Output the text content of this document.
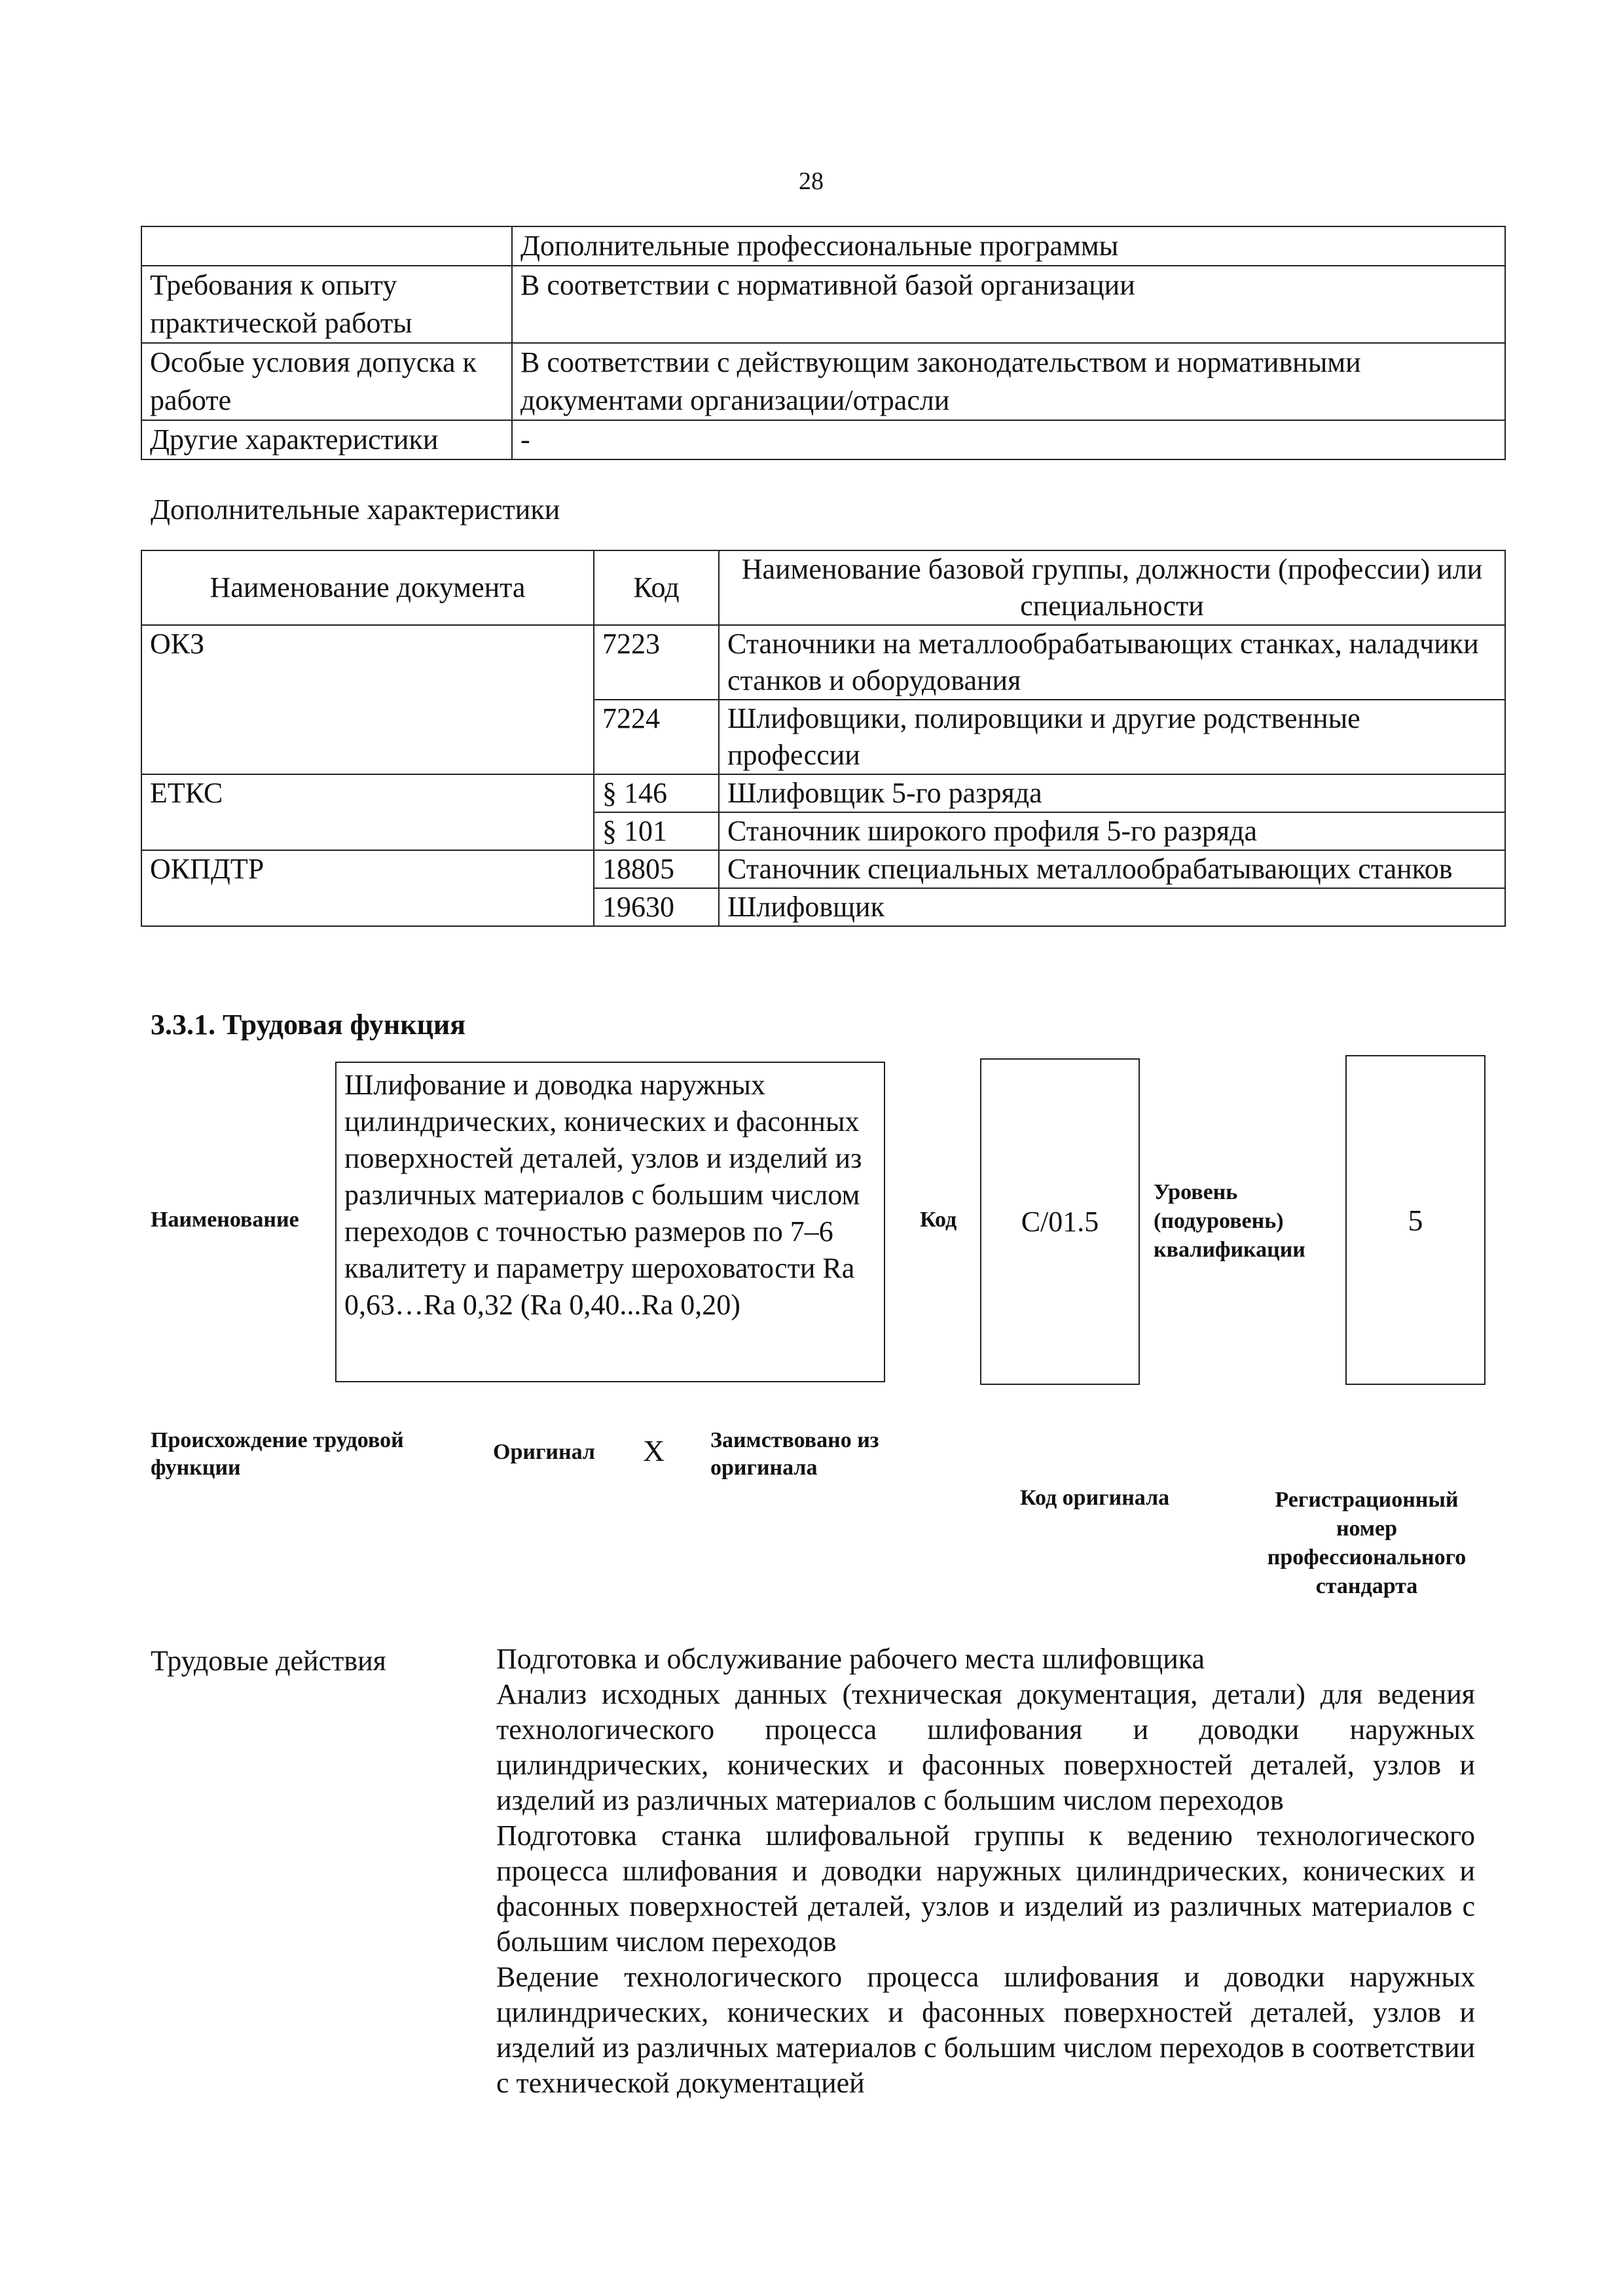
28
	Дополнительные профессиональные программы
Требования к опыту практической работы	В соответствии с нормативной базой организации
Особые условия допуска к работе	В соответствии с действующим законодательством и нормативными документами организации/отрасли
Другие характеристики	-
Дополнительные характеристики
Наименование документа	Код	Наименование базовой группы, должности (профессии) или специальности
ОКЗ	7223	Станочники на металлообрабатывающих станках, наладчики станков и оборудования
	7224	Шлифовщики, полировщики и другие родственные профессии
ЕТКС	§ 146	Шлифовщик 5-го разряда
	§ 101	Станочник широкого профиля 5-го разряда
ОКПДТР	18805	Станочник специальных металлообрабатывающих станков
	19630	Шлифовщик
3.3.1. Трудовая функция
Наименование
Шлифование и доводка наружных цилиндрических, конических и фасонных поверхностей деталей, узлов и изделий из различных материалов с большим числом переходов с точностью размеров по 7–6 квалитету и параметру шероховатости Ra 0,63…Ra 0,32 (Ra 0,40...Ra 0,20)
Код C/01.5
Уровень (подуровень) квалификации
5
Происхождение трудовой функции
Оригинал X Заимствовано из оригинала
Код оригинала	Регистрационный номер профессионального стандарта
Трудовые действия	Подготовка и обслуживание рабочего места шлифовщика
Анализ исходных данных (техническая документация, детали) для ведения технологического процесса шлифования и доводки наружных цилиндрических, конических и фасонных поверхностей деталей, узлов и изделий из различных материалов с большим числом переходов
Подготовка станка шлифовальной группы к ведению технологического процесса шлифования и доводки наружных цилиндрических, конических и фасонных поверхностей деталей, узлов и изделий из различных материалов с большим числом переходов
Ведение технологического процесса шлифования и доводки наружных цилиндрических, конических и фасонных поверхностей деталей, узлов и изделий из различных материалов с большим числом переходов в соответствии с технической документацией
